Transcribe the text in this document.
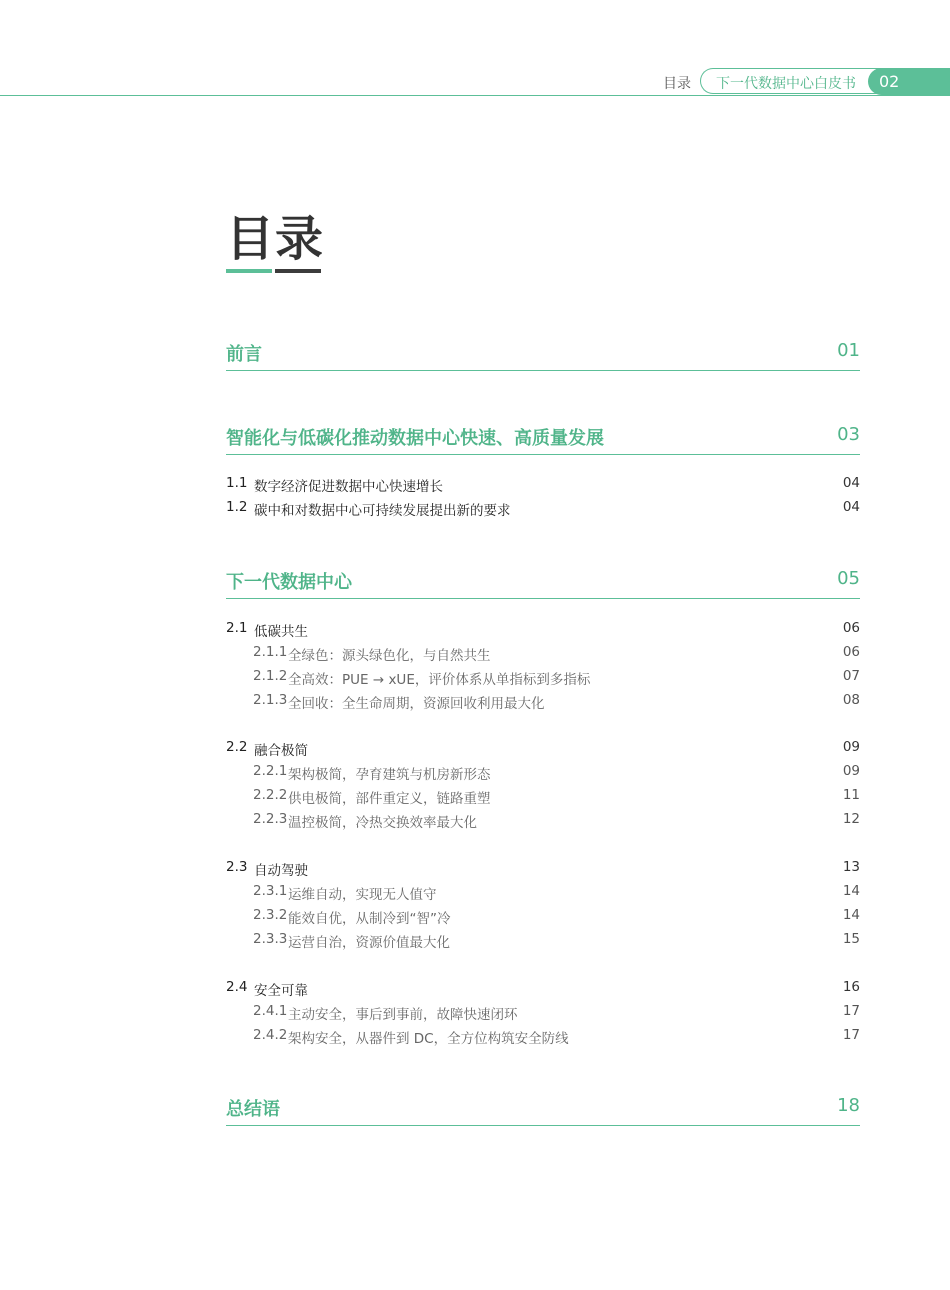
目录 下一代数据中心白皮书	02
目录
前言	01
智能化与低碳化推动数据中心快速、高质量发展	03
1.1 数字经济促进数据中心快速增长	04
1.2 碳中和对数据中心可持续发展提出新的要求	04
下一代数据中心	05
2.1 低碳共生	06
2.1.1 全绿色：源头绿色化，与自然共生	06
2.1.2 全高效：PUE → xUE，评价体系从单指标到多指标	07
2.1.3 全回收：全生命周期，资源回收利用最大化	08
2.2 融合极简	09
2.2.1 架构极简，孕育建筑与机房新形态	09
2.2.2 供电极简，部件重定义，链路重塑	11
2.2.3 温控极简，冷热交换效率最大化	12
2.3 自动驾驶	13
2.3.1 运维自动，实现无人值守	14
2.3.2 能效自优，从制冷到“智”冷	14
2.3.3 运营自治，资源价值最大化	15
2.4 安全可靠	16
2.4.1 主动安全，事后到事前，故障快速闭环	17
2.4.2 架构安全，从器件到 DC，全方位构筑安全防线	17
总结语	18
